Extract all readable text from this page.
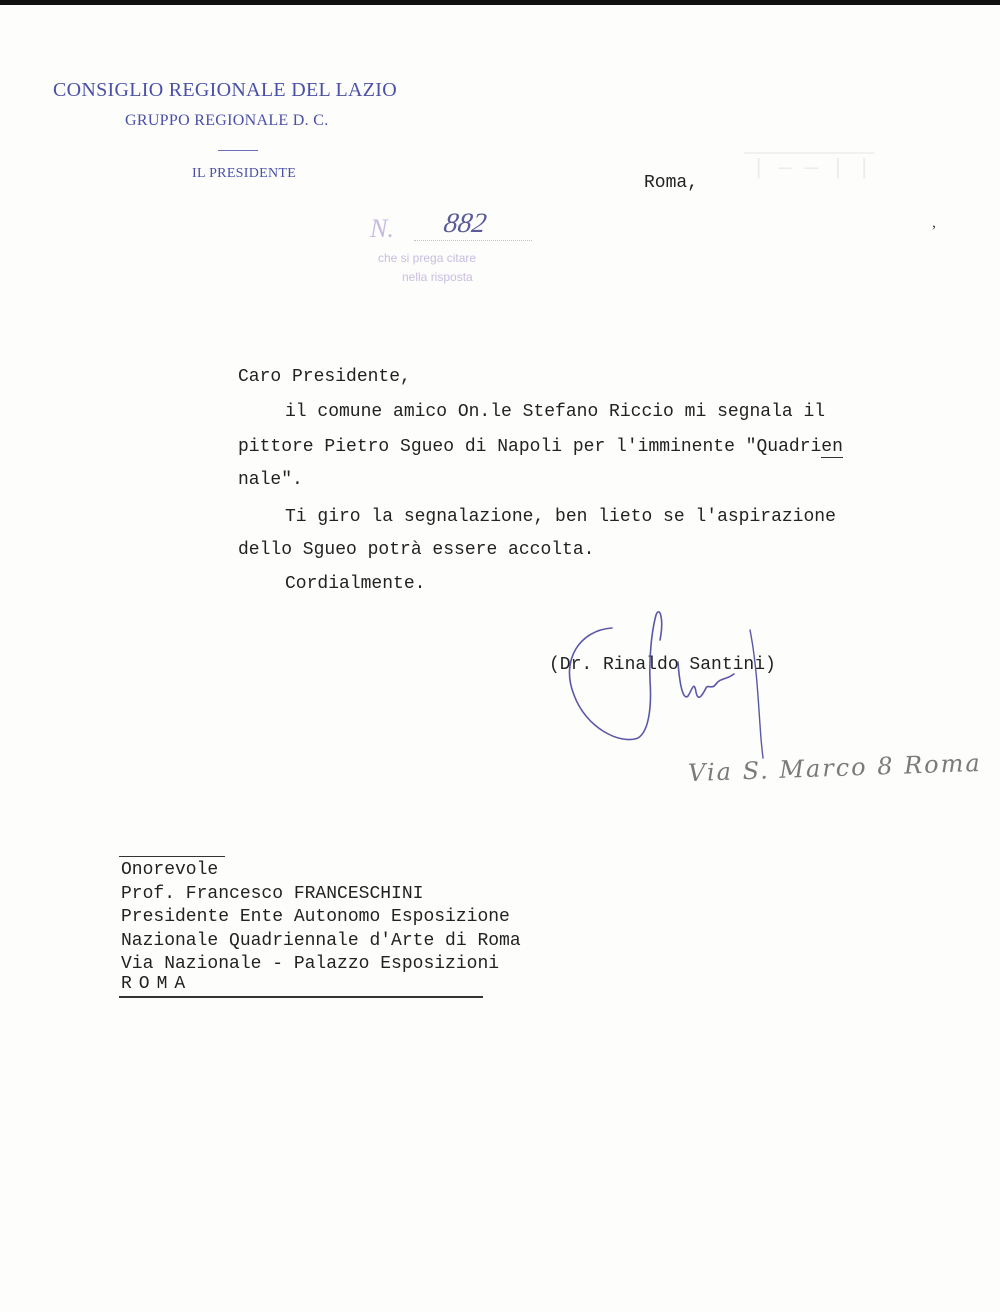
CONSIGLIO REGIONALE DEL LAZIO
GRUPPO REGIONALE D. C.
IL PRESIDENTE	Roma,
| — — | |
,
N. 882
che si prega citare
nella risposta
Caro Presidente,
il comune amico On.le Stefano Riccio mi segnala il
pittore Pietro Sgueo di Napoli per l'imminente "Quadrien
nale".
Ti giro la segnalazione, ben lieto se l'aspirazione
dello Sgueo potrà essere accolta.
Cordialmente.
(Dr. Rinaldo Santini)
Via S. Marco 8 Roma
Onorevole
Prof. Francesco FRANCESCHINI
Presidente Ente Autonomo Esposizione
Nazionale Quadriennale d'Arte di Roma
Via Nazionale - Palazzo Esposizioni
ROMA
